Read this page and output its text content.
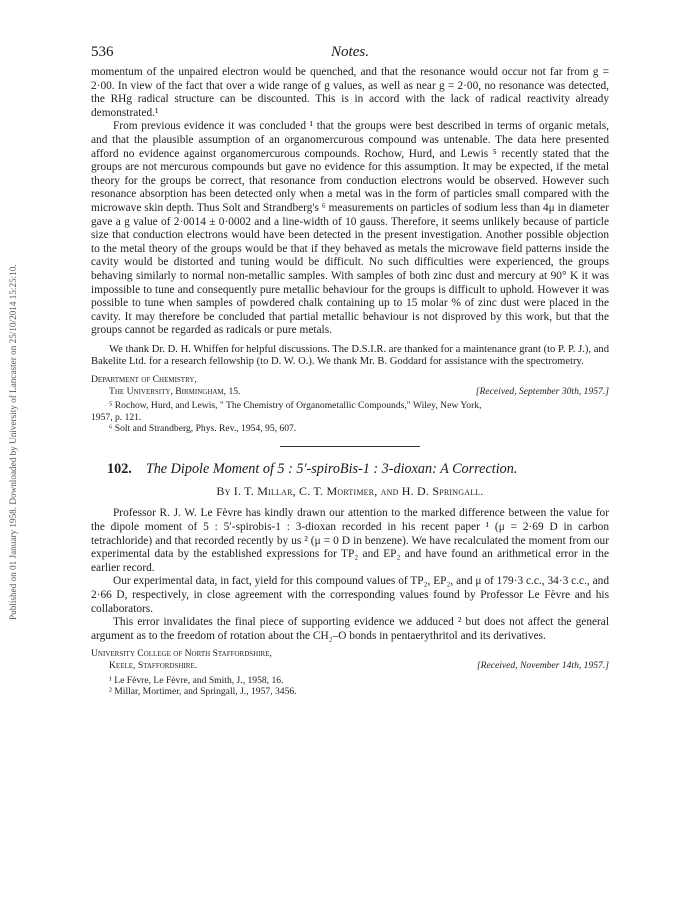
Published on 01 January 1958. Downloaded by University of Lancaster on 25/10/2014 15:25:10.
536	Notes.

momentum of the unpaired electron would be quenched, and that the resonance would occur not far from g = 2·00. In view of the fact that over a wide range of g values, as well as near g = 2·00, no resonance was detected, the RHg radical structure can be discounted. This is in accord with the lack of radical reactivity already demonstrated.¹

From previous evidence it was concluded ¹ that the groups were best described in terms of organic metals, and that the plausible assumption of an organomercurous compound was untenable. The data here presented afford no evidence against organomercurous compounds. Rochow, Hurd, and Lewis ⁵ recently stated that the groups are not mercurous compounds but gave no evidence for this assumption. It may be expected, if the metal theory for the groups be correct, that resonance from conduction electrons would be observed. However such resonance absorption has been detected only when a metal was in the form of particles small compared with the microwave skin depth. Thus Solt and Strandberg's ⁶ measurements on particles of sodium less than 4μ in diameter gave a g value of 2·0014 ± 0·0002 and a line-width of 10 gauss. Therefore, it seems unlikely because of particle size that conduction electrons would have been detected in the present investigation. Another possible objection to the metal theory of the groups would be that if they behaved as metals the microwave field patterns inside the cavity would be distorted and tuning would be difficult. No such difficulties were experienced, the groups behaving similarly to normal non-metallic samples. With samples of both zinc dust and mercury at 90° K it was impossible to tune and consequently pure metallic behaviour for the groups is difficult to uphold. However it was possible to tune when samples of powdered chalk containing up to 15 molar % of zinc dust were placed in the cavity. It may therefore be concluded that partial metallic behaviour is not disproved by this work, but that the groups cannot be regarded as radicals or pure metals.

We thank Dr. D. H. Whiffen for helpful discussions. The D.S.I.R. are thanked for a maintenance grant (to P. P. J.), and Bakelite Ltd. for a research fellowship (to D. W. O.). We thank Mr. B. Goddard for assistance with the spectrometry.

Department of Chemistry,
The University, Birmingham, 15.	[Received, September 30th, 1957.]
⁵ Rochow, Hurd, and Lewis, " The Chemistry of Organometallic Compounds," Wiley, New York,
1957, p. 121.
⁶ Solt and Strandberg, Phys. Rev., 1954, 95, 607.
102. The Dipole Moment of 5 : 5′-spiroBis-1 : 3-dioxan: A Correction.
By I. T. Millar, C. T. Mortimer, and H. D. Springall.

Professor R. J. W. Le Fèvre has kindly drawn our attention to the marked difference between the value for the dipole moment of 5 : 5′-spirobis-1 : 3-dioxan recorded in his recent paper ¹ (μ = 2·69 D in carbon tetrachloride) and that recorded recently by us ² (μ = 0 D in benzene). We have recalculated the moment from our experimental data by the established expressions for TP₂ and EP₂ and have found an arithmetical error in the earlier record.

Our experimental data, in fact, yield for this compound values of TP₂, EP₂, and μ of 179·3 c.c., 34·3 c.c., and 2·66 D, respectively, in close agreement with the corresponding values found by Professor Le Fèvre and his collaborators.

This error invalidates the final piece of supporting evidence we adduced ² but does not affect the general argument as to the freedom of rotation about the CH₂–O bonds in pentaerythritol and its derivatives.

University College of North Staffordshire,
Keele, Staffordshire.	[Received, November 14th, 1957.]
¹ Le Fèvre, Le Fèvre, and Smith, J., 1958, 16.
² Millar, Mortimer, and Springall, J., 1957, 3456.
